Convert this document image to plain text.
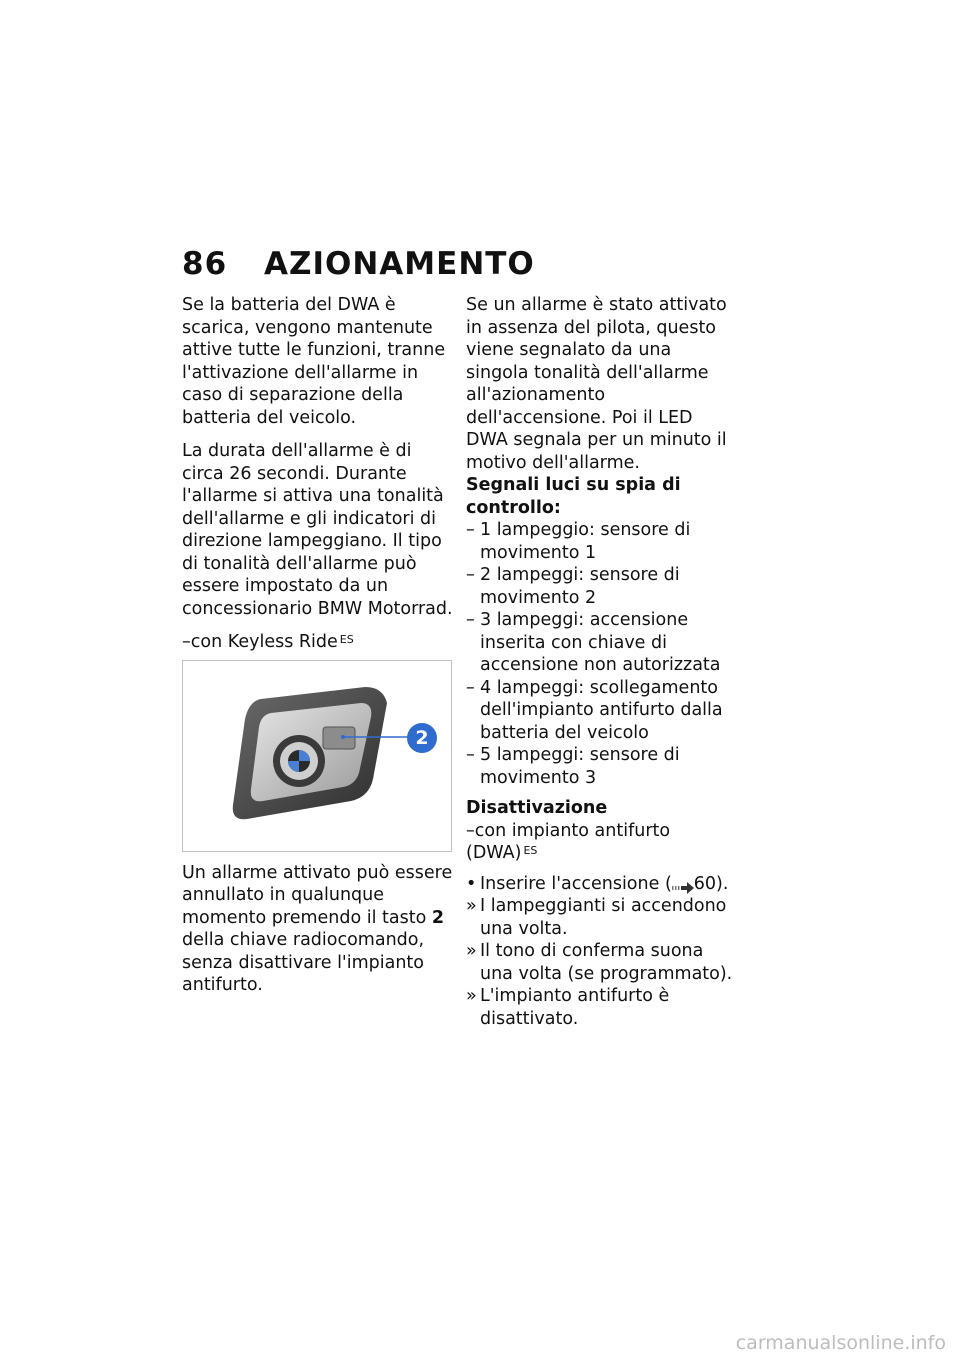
86 AZIONAMENTO

Se la batteria del DWA è scarica, vengono mantenute attive tutte le funzioni, tranne l'attivazione dell'allarme in caso di separazione della batteria del veicolo.

La durata dell'allarme è di circa 26 secondi. Durante l'allarme si attiva una tonalità dell'allarme e gli indicatori di direzione lampeggiano. Il tipo di tonalità dell'allarme può essere impostato da un concessionario BMW Motorrad.

–con Keyless Ride $^{ES}$

2

Un allarme attivato può essere annullato in qualunque momento premendo il tasto 2 della chiave radiocomando, senza disattivare l'impianto antifurto.

Se un allarme è stato attivato in assenza del pilota, questo viene segnalato da una singola tonalità dell'allarme all'azionamento dell'accensione. Poi il LED DWA segnala per un minuto il motivo dell'allarme.

Segnali luci su spia di controllo:

– 1 lampeggio: sensore di movimento 1
– 2 lampeggi: sensore di movimento 2
– 3 lampeggi: accensione inserita con chiave di accensione non autorizzata
– 4 lampeggi: scollegamento dell'impianto antifurto dalla batteria del veicolo
– 5 lampeggi: sensore di movimento 3

Disattivazione

–con impianto antifurto (DWA) $^{ES}$

• Inserire l'accensione ( 60).
» I lampeggianti si accendono una volta.
» Il tono di conferma suona una volta (se programmato).
» L'impianto antifurto è disattivato.
carmanualsonline.info
